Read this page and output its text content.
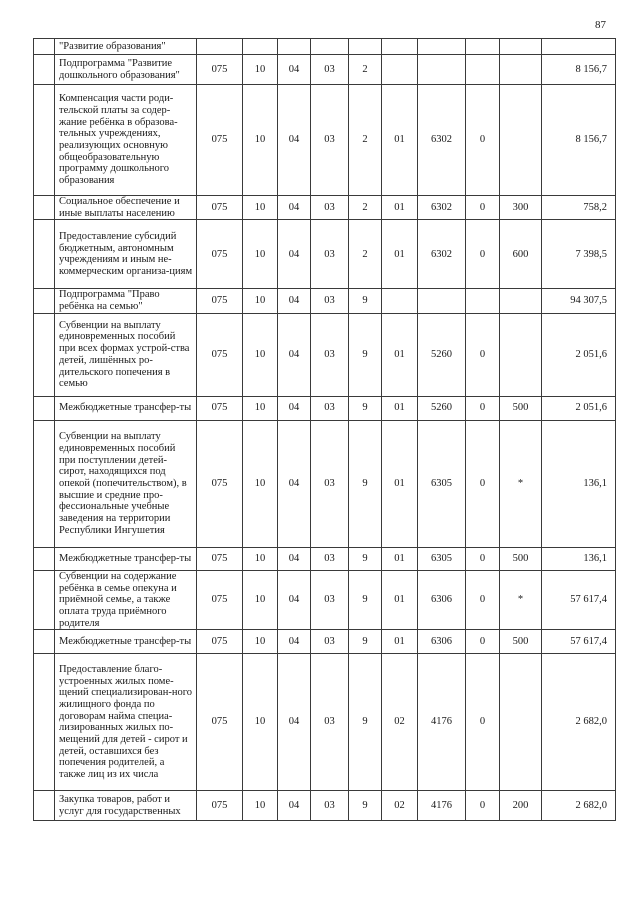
87
	"Развитие образования"										
	Подпрограмма "Развитие дошкольного образования"	075	10	04	03	2					8 156,7
	Компенсация части роди-тельской платы за содер-жание ребёнка в образова-тельных учреждениях, реализующих основную общеобразовательную программу дошкольного образования	075	10	04	03	2	01	6302	0		8 156,7
	Социальное обеспечение и иные выплаты населению	075	10	04	03	2	01	6302	0	300	758,2
	Предоставление субсидий бюджетным, автономным учреждениям и иным не-коммерческим организа-циям	075	10	04	03	2	01	6302	0	600	7 398,5
	Подпрограмма "Право ребёнка на семью"	075	10	04	03	9					94 307,5
	Субвенции на выплату единовременных пособий при всех формах устрой-ства детей, лишённых ро-дительского попечения в семью	075	10	04	03	9	01	5260	0		2 051,6
	Межбюджетные трансфер-ты	075	10	04	03	9	01	5260	0	500	2 051,6
	Субвенции на выплату единовременных пособий при поступлении детей-сирот, находящихся под опекой (попечительством), в высшие и средние про-фессиональные учебные заведения на территории Республики Ингушетия	075	10	04	03	9	01	6305	0	*	136,1
	Межбюджетные трансфер-ты	075	10	04	03	9	01	6305	0	500	136,1
	Субвенции на содержание ребёнка в семье опекуна и приёмной семье, а также оплата труда приёмного родителя	075	10	04	03	9	01	6306	0	*	57 617,4
	Межбюджетные трансфер-ты	075	10	04	03	9	01	6306	0	500	57 617,4
	Предоставление благо-устроенных жилых поме-щений специализирован-ного жилищного фонда по договорам найма специа-лизированных жилых по-мещений для детей - сирот и детей, оставшихся без попечения родителей, а также лиц из их числа	075	10	04	03	9	02	4176	0		2 682,0
	Закупка товаров, работ и услуг для государственных	075	10	04	03	9	02	4176	0	200	2 682,0
